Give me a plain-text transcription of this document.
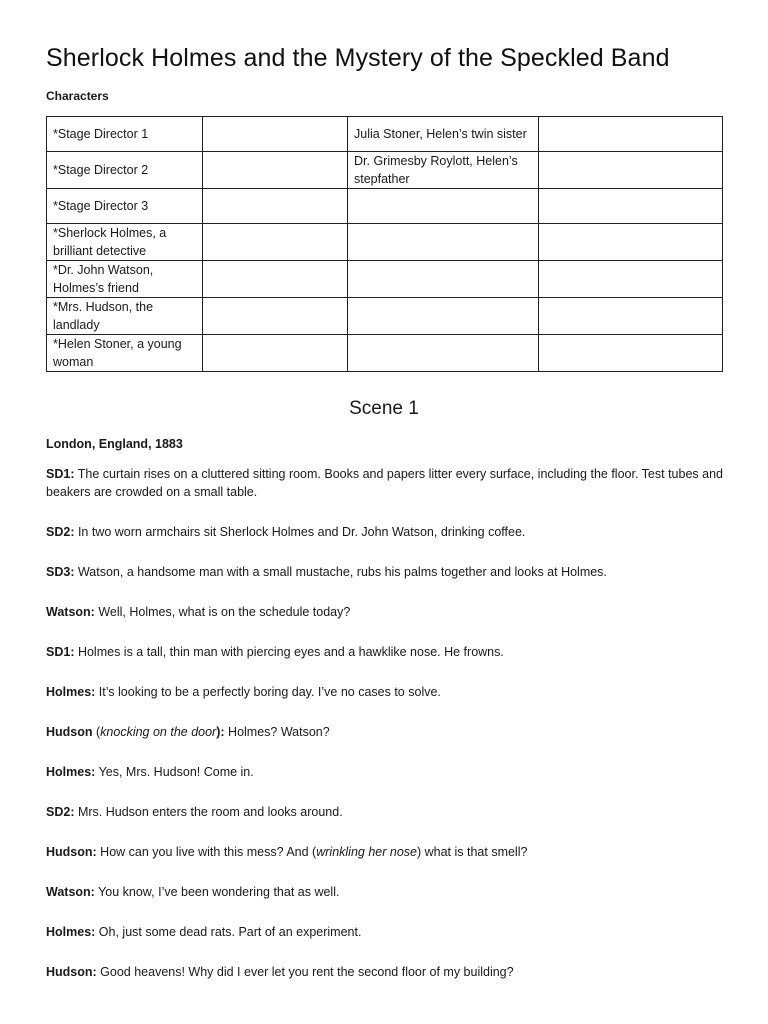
Sherlock Holmes and the Mystery of the Speckled Band
Characters
*Stage Director 1		Julia Stoner, Helen’s twin sister	
*Stage Director 2		Dr. Grimesby Roylott, Helen’s stepfather	
*Stage Director 3			
*Sherlock Holmes, a brilliant detective			
*Dr. John Watson, Holmes’s friend			
*Mrs. Hudson, the landlady			
*Helen Stoner, a young woman			
Scene 1
London, England, 1883

SD1: The curtain rises on a cluttered sitting room. Books and papers litter every surface, including the floor. Test tubes and beakers are crowded on a small table.

SD2: In two worn armchairs sit Sherlock Holmes and Dr. John Watson, drinking coffee.

SD3: Watson, a handsome man with a small mustache, rubs his palms together and looks at Holmes.

Watson: Well, Holmes, what is on the schedule today?

SD1: Holmes is a tall, thin man with piercing eyes and a hawklike nose. He frowns.

Holmes: It’s looking to be a perfectly boring day. I’ve no cases to solve.

Hudson (knocking on the door): Holmes? Watson?

Holmes: Yes, Mrs. Hudson! Come in.

SD2: Mrs. Hudson enters the room and looks around.

Hudson: How can you live with this mess? And (wrinkling her nose) what is that smell?

Watson: You know, I’ve been wondering that as well.

Holmes: Oh, just some dead rats. Part of an experiment.

Hudson: Good heavens! Why did I ever let you rent the second floor of my building?
